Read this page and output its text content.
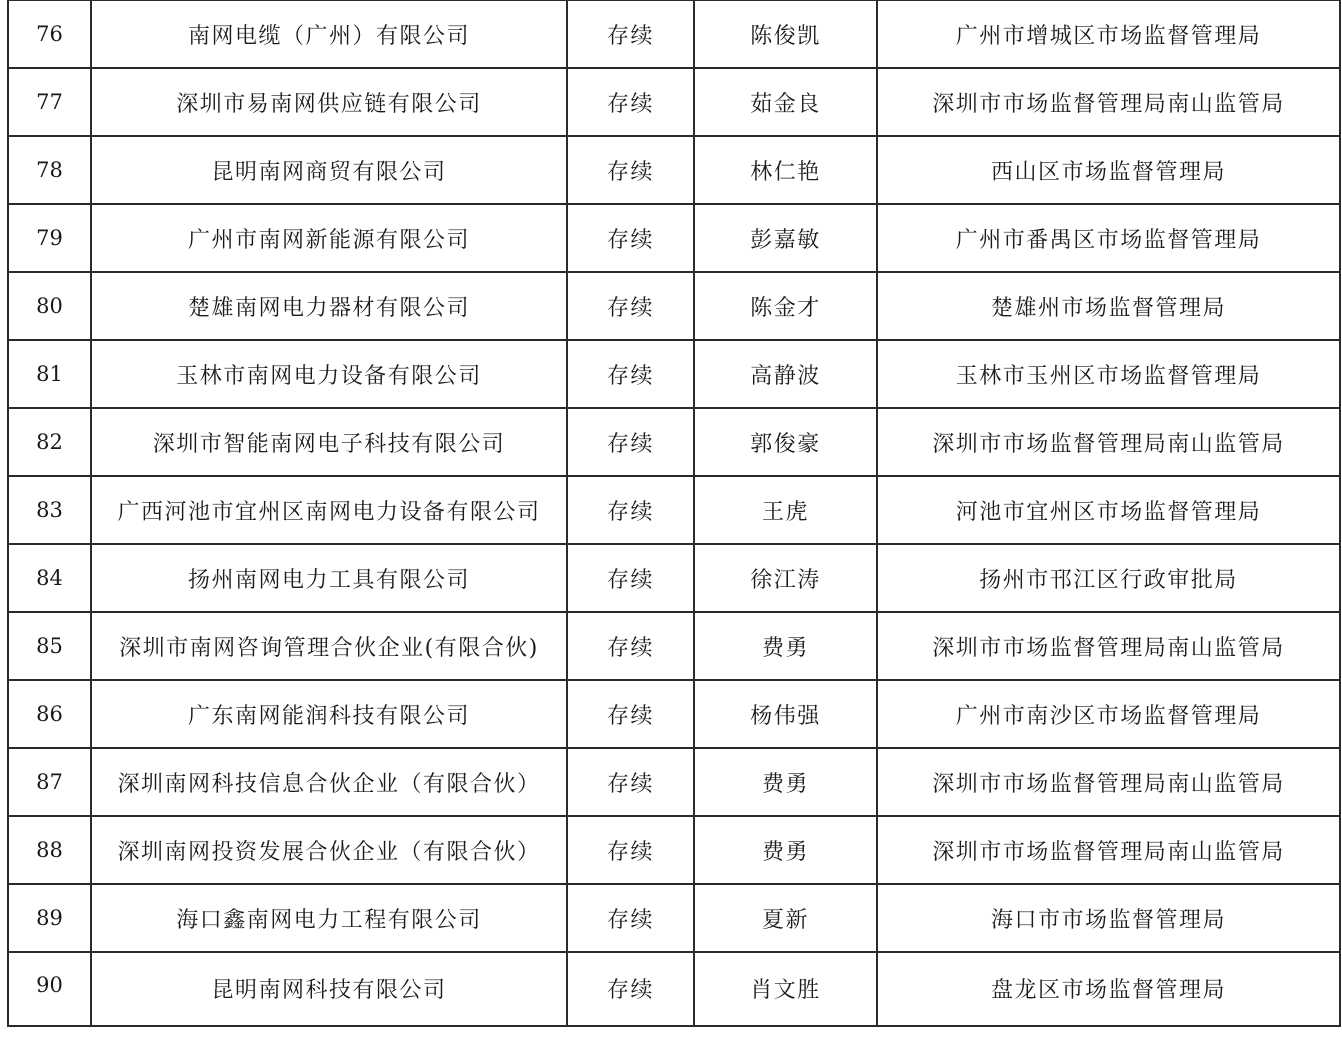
76	南网电缆（广州）有限公司	存续	陈俊凯	广州市增城区市场监督管理局
77	深圳市易南网供应链有限公司	存续	茹金良	深圳市市场监督管理局南山监管局
78	昆明南网商贸有限公司	存续	林仁艳	西山区市场监督管理局
79	广州市南网新能源有限公司	存续	彭嘉敏	广州市番禺区市场监督管理局
80	楚雄南网电力器材有限公司	存续	陈金才	楚雄州市场监督管理局
81	玉林市南网电力设备有限公司	存续	高静波	玉林市玉州区市场监督管理局
82	深圳市智能南网电子科技有限公司	存续	郭俊豪	深圳市市场监督管理局南山监管局
83	广西河池市宜州区南网电力设备有限公司	存续	王虎	河池市宜州区市场监督管理局
84	扬州南网电力工具有限公司	存续	徐江涛	扬州市邗江区行政审批局
85	深圳市南网咨询管理合伙企业(有限合伙)	存续	费勇	深圳市市场监督管理局南山监管局
86	广东南网能润科技有限公司	存续	杨伟强	广州市南沙区市场监督管理局
87	深圳南网科技信息合伙企业（有限合伙）	存续	费勇	深圳市市场监督管理局南山监管局
88	深圳南网投资发展合伙企业（有限合伙）	存续	费勇	深圳市市场监督管理局南山监管局
89	海口鑫南网电力工程有限公司	存续	夏新	海口市市场监督管理局
90	昆明南网科技有限公司	存续	肖文胜	盘龙区市场监督管理局
